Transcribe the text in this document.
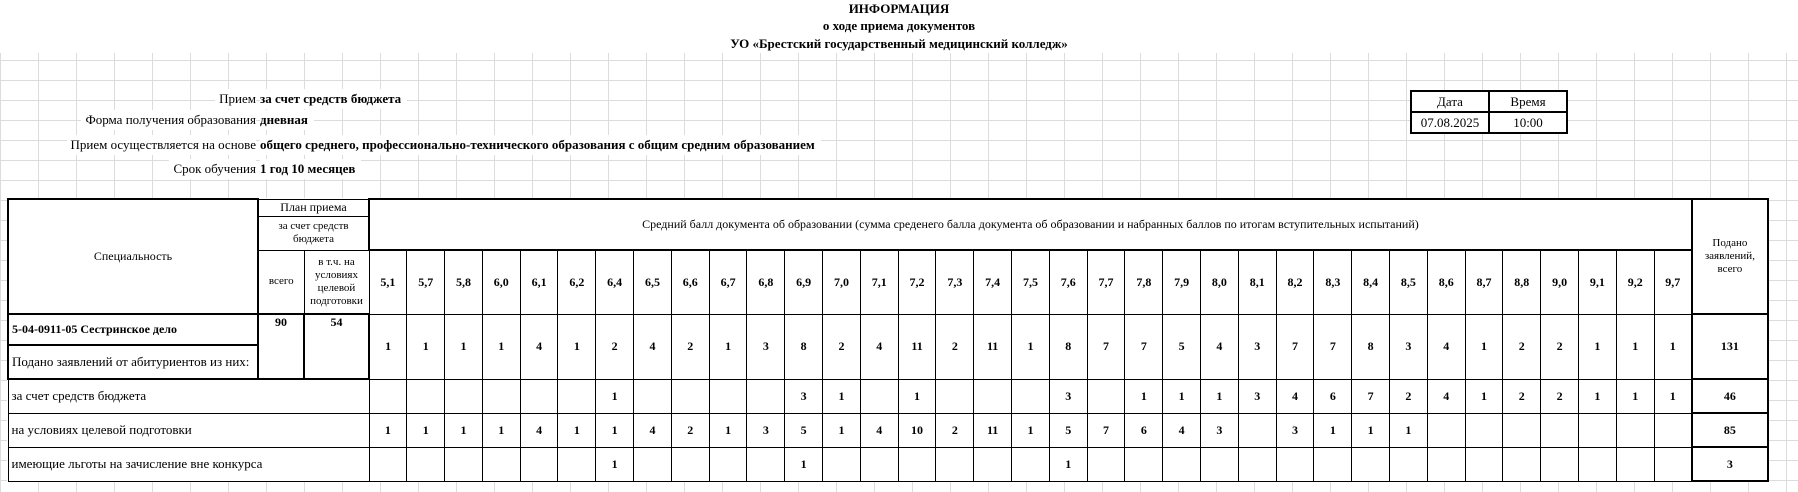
ИНФОРМАЦИЯ
о ходе приема документов
УО «Брестский государственный медицинский колледж»
Прием за счет средств бюджета
Форма получения образования дневная
Прием осуществляется на основе общего среднего, профессионально-технического образования с общим средним образованием
Срок обучения 1 год 10 месяцев
Дата	Время
07.08.2025	10:00
Специальность	План приема		Средний балл документа об образовании (сумма среденего балла документа об образовании и набранных баллов по итогам вступительных испытаний)																																			Подано заявлений, всего
	за счет средств бюджета																																					
	всего	в т.ч. на условиях целевой подготовки	5,1	5,7	5,8	6,0	6,1	6,2	6,4	6,5	6,6	6,7	6,8	6,9	7,0	7,1	7,2	7,3	7,4	7,5	7,6	7,7	7,8	7,9	8,0	8,1	8,2	8,3	8,4	8,5	8,6	8,7	8,8	9,0	9,1	9,2	9,7	
5-04-0911-05 Сестринское дело	90	54	1	1	1	1	4	1	2	4	2	1	3	8	2	4	11	2	11	1	8	7	7	5	4	3	7	7	8	3	4	1	2	2	1	1	1	131
Подано заявлений от абитуриентов из них:																																						
за счет средств бюджета									1					3	1		1				3		1	1	1	3	4	6	7	2	4	1	2	2	1	1	1	46
на условиях целевой подготовки			1	1	1	1	4	1	1	4	2	1	3	5	1	4	10	2	11	1	5	7	6	4	3		3	1	1	1								85
имеющие льготы на зачисление вне конкурса									1					1							1																	3
